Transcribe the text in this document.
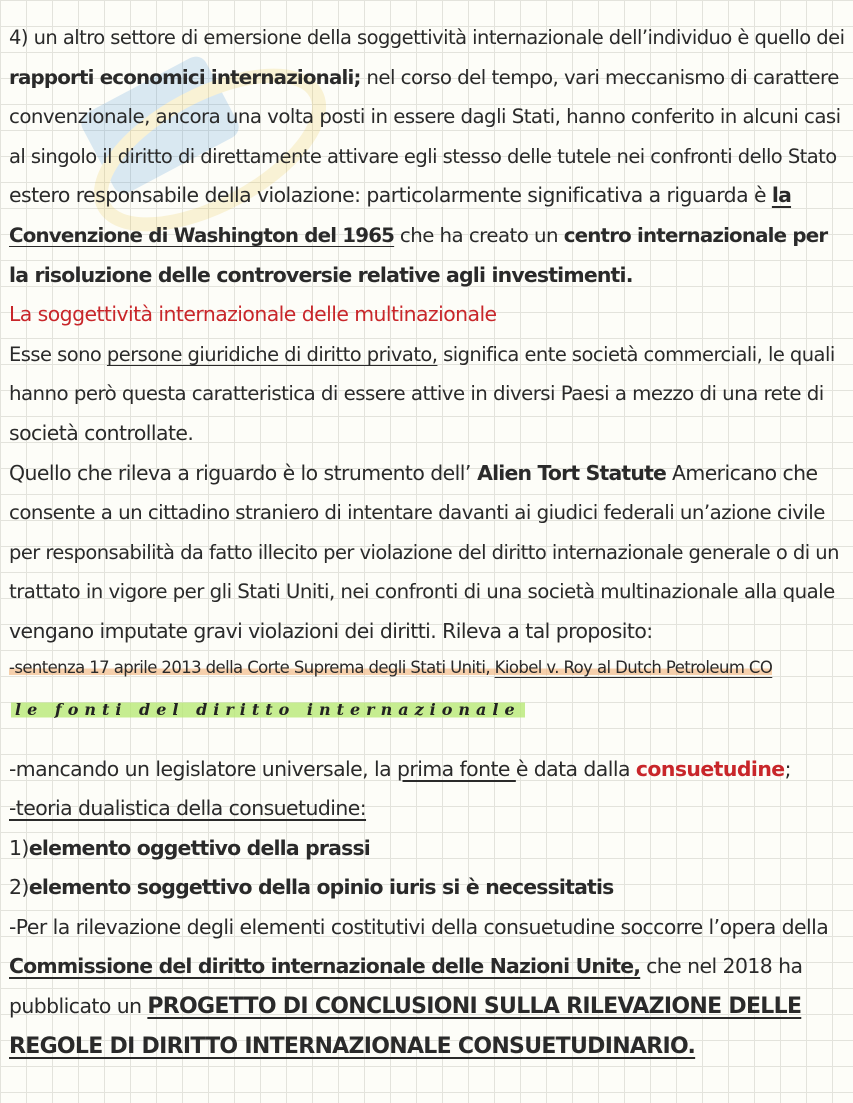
4) un altro settore di emersione della soggettività internazionale dell’individuo è quello dei
rapporti economici internazionali; nel corso del tempo, vari meccanismo di carattere
convenzionale, ancora una volta posti in essere dagli Stati, hanno conferito in alcuni casi
al singolo il diritto di direttamente attivare egli stesso delle tutele nei confronti dello Stato
estero responsabile della violazione: particolarmente significativa a riguarda è la
Convenzione di Washington del 1965 che ha creato un centro internazionale per
la risoluzione delle controversie relative agli investimenti.
La soggettività internazionale delle multinazionale
Esse sono persone giuridiche di diritto privato, significa ente società commerciali, le quali
hanno però questa caratteristica di essere attive in diversi Paesi a mezzo di una rete di
società controllate.
Quello che rileva a riguardo è lo strumento dell’ Alien Tort Statute Americano che
consente a un cittadino straniero di intentare davanti ai giudici federali un’azione civile
per responsabilità da fatto illecito per violazione del diritto internazionale generale o di un
trattato in vigore per gli Stati Uniti, nei confronti di una società multinazionale alla quale
vengano imputate gravi violazioni dei diritti. Rileva a tal proposito:
-sentenza 17 aprile 2013 della Corte Suprema degli Stati Uniti, Kiobel v. Roy al Dutch Petroleum CO
le fonti del diritto internazionale
-mancando un legislatore universale, la prima fonte è data dalla consuetudine;
-teoria dualistica della consuetudine:
1)elemento oggettivo della prassi
2)elemento soggettivo della opinio iuris si è necessitatis
-Per la rilevazione degli elementi costitutivi della consuetudine soccorre l’opera della
Commissione del diritto internazionale delle Nazioni Unite, che nel 2018 ha
pubblicato un PROGETTO DI CONCLUSIONI SULLA RILEVAZIONE DELLE
REGOLE DI DIRITTO INTERNAZIONALE CONSUETUDINARIO.
